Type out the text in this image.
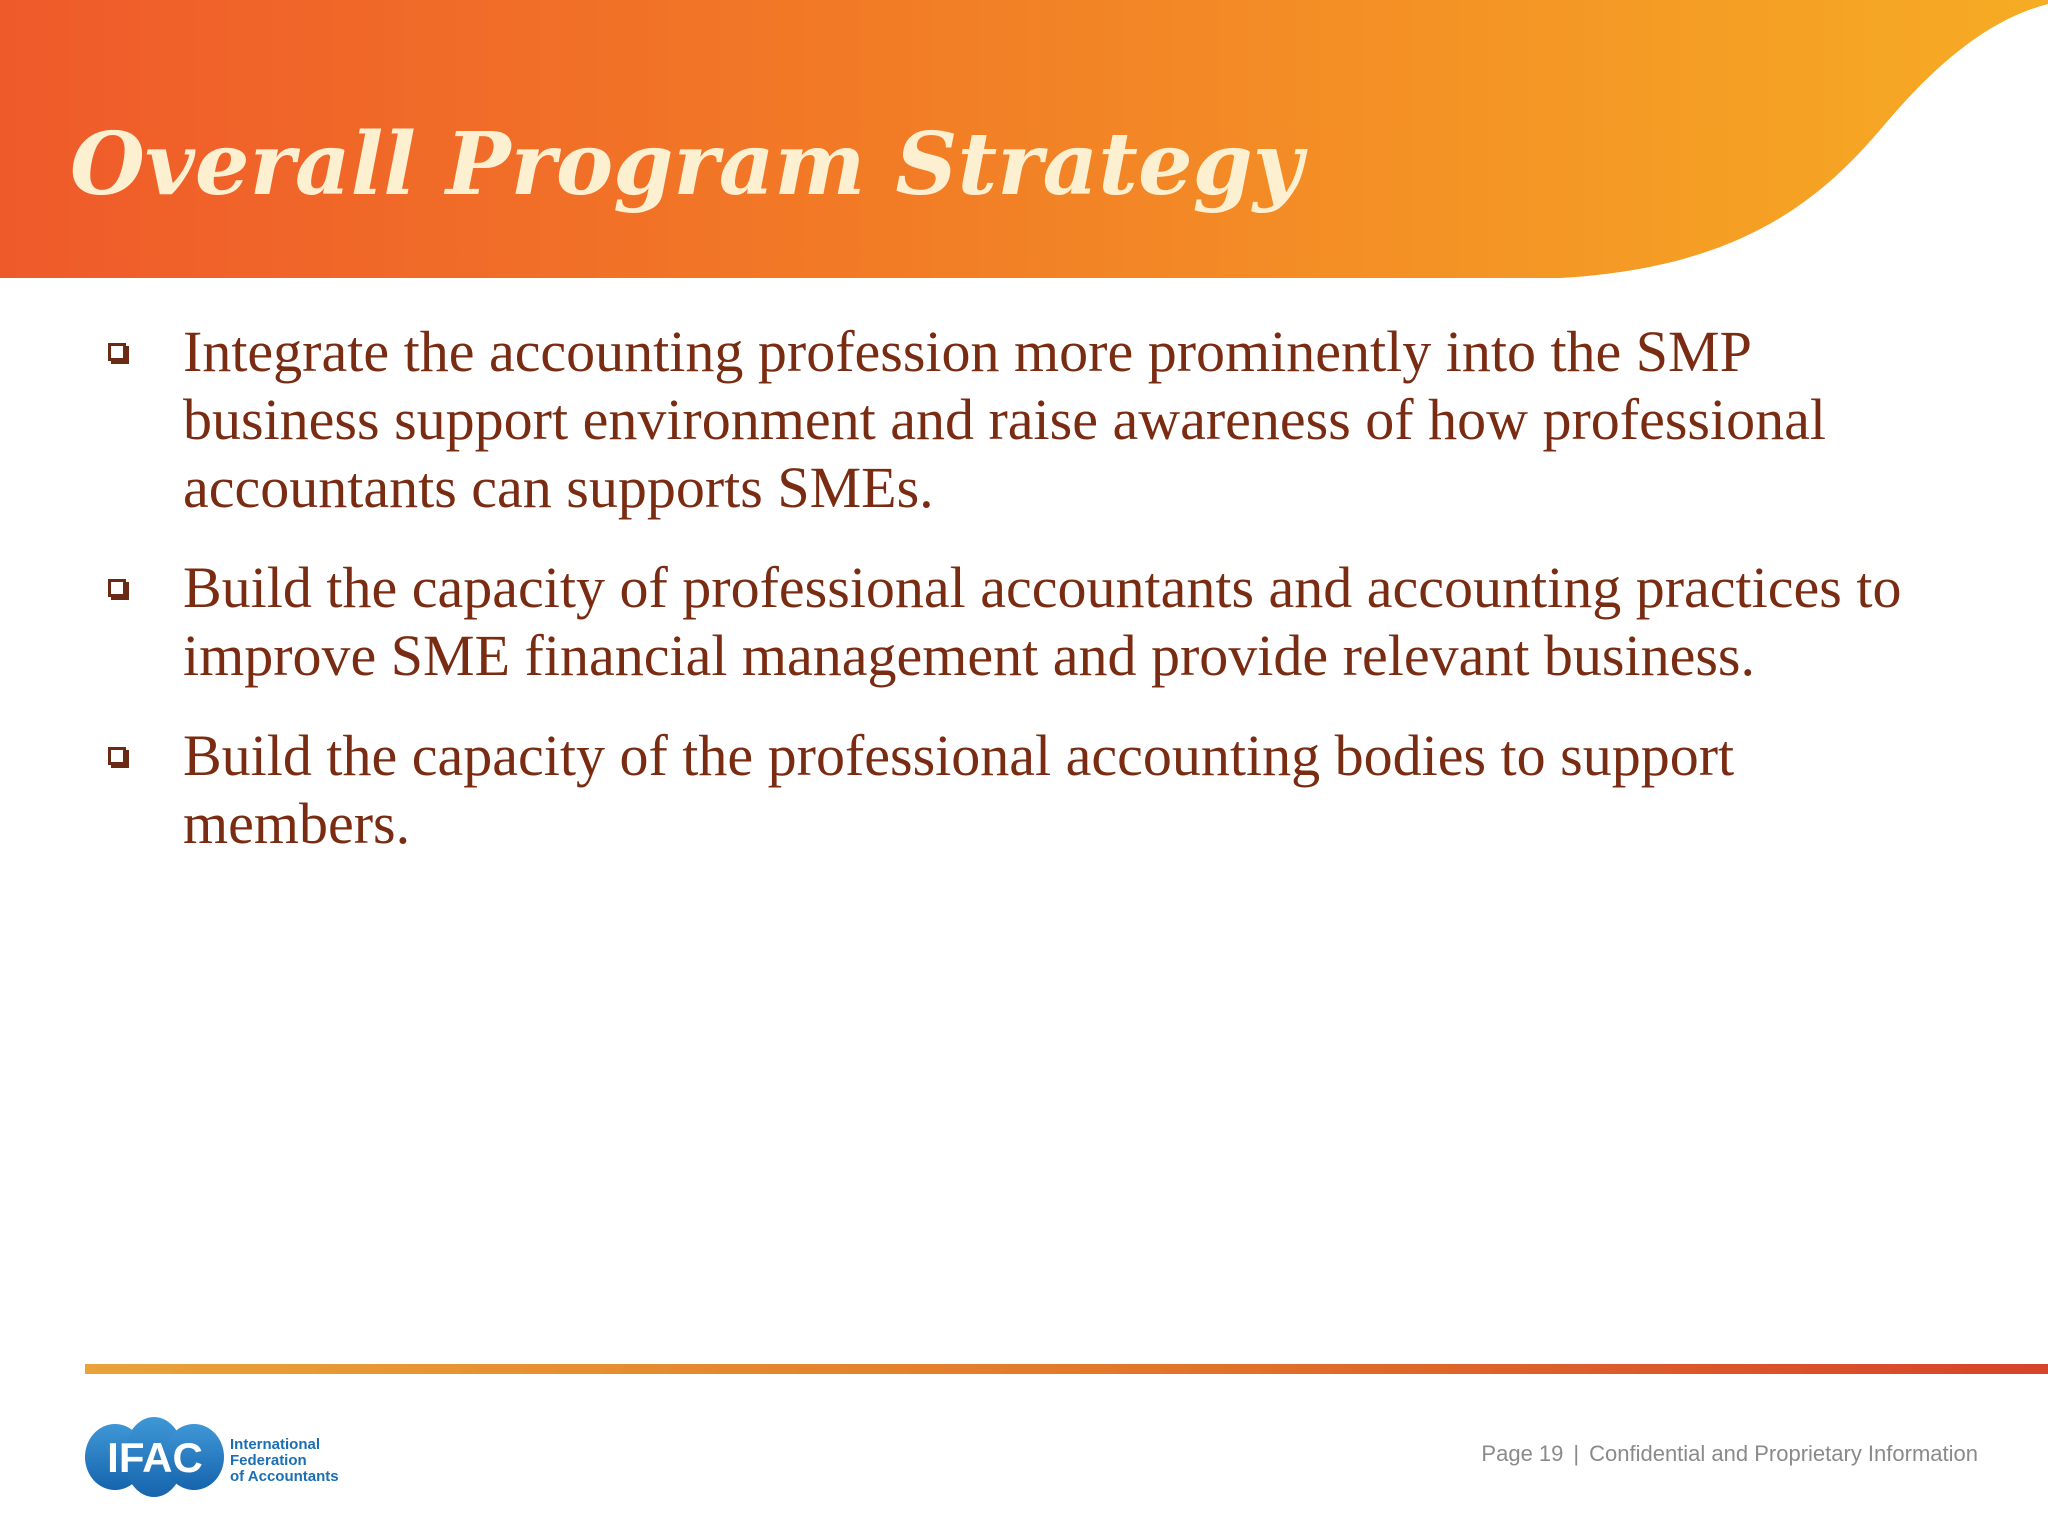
Overall Program Strategy
Integrate the accounting profession more prominently into the SMP business support environment and raise awareness of how professional accountants can supports SMEs.
Build the capacity of professional accountants and accounting practices to improve SME financial management and provide relevant business.
Build the capacity of the professional accounting bodies to support members.
IFAC International
Federation
of Accountants
Page 19 | Confidential and Proprietary Information
